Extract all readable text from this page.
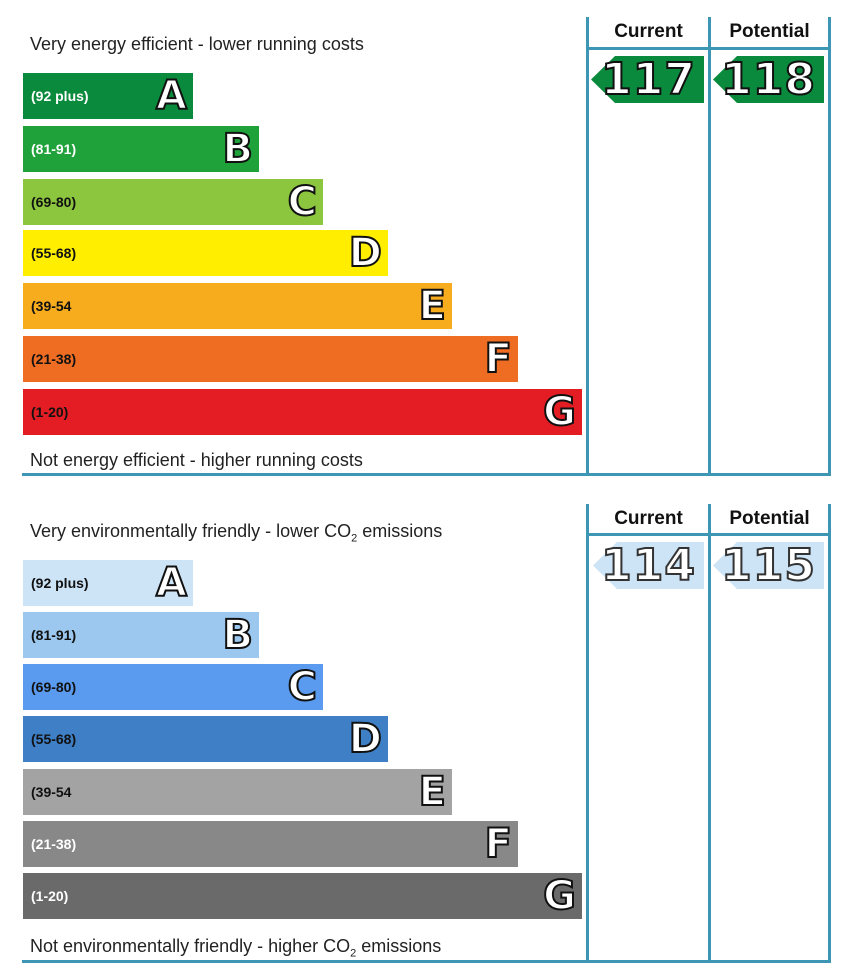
Very energy efficient - lower running costs
Current	Potential
(92 plus) A
(81-91)	B
(69-80)	C
(55-68)	D
(39-54	E
(21-38)	F
(1-20)	G
Not energy efficient - higher running costs
117 118
Very environmentally friendly - lower $CO_2$ emissions
Current	Potential
(92 plus) A
(81-91)	B
(69-80)	C
(55-68)	D
(39-54	E
(21-38)	F
(1-20)	G
Not environmentally friendly - higher $CO_2$ emissions
114 115
